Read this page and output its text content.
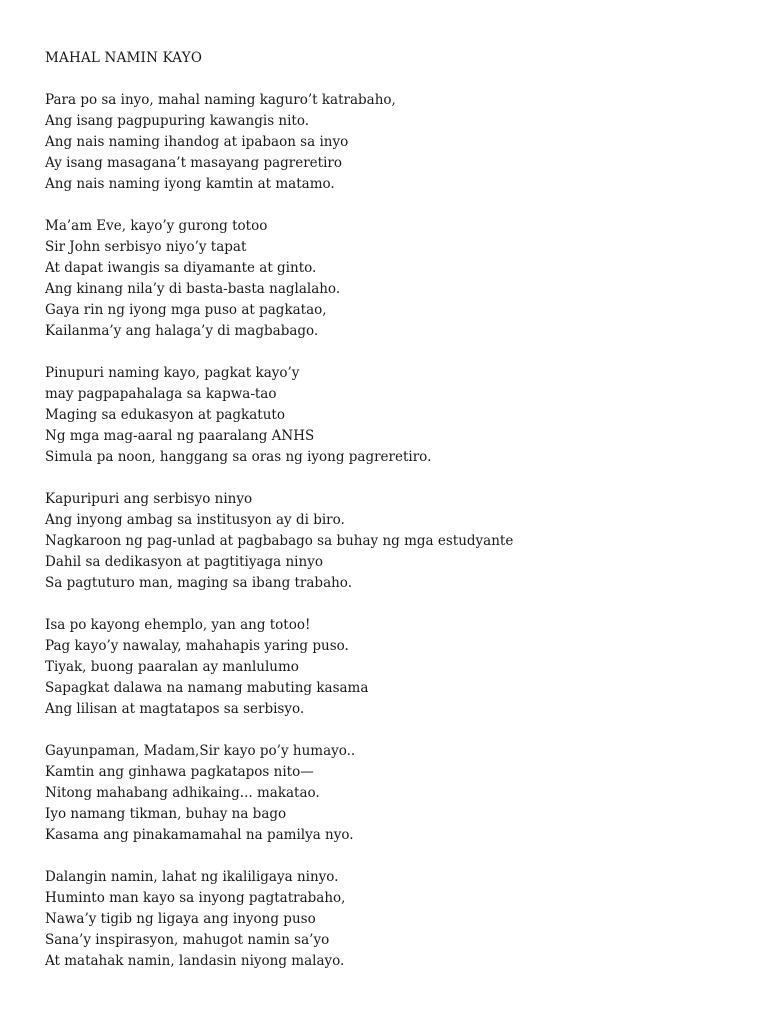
MAHAL NAMIN KAYO
Para po sa inyo, mahal naming kaguro’t katrabaho,
Ang isang pagpupuring kawangis nito.
Ang nais naming ihandog at ipabaon sa inyo
Ay isang masagana’t masayang pagreretiro
Ang nais naming iyong kamtin at matamo.
Ma’am Eve, kayo’y gurong totoo
Sir John serbisyo niyo’y tapat
At dapat iwangis sa diyamante at ginto.
Ang kinang nila’y di basta-basta naglalaho.
Gaya rin ng iyong mga puso at pagkatao,
Kailanma’y ang halaga’y di magbabago.
Pinupuri naming kayo, pagkat kayo’y
may pagpapahalaga sa kapwa-tao
Maging sa edukasyon at pagkatuto
Ng mga mag-aaral ng paaralang ANHS
Simula pa noon, hanggang sa oras ng iyong pagreretiro.
Kapuripuri ang serbisyo ninyo
Ang inyong ambag sa institusyon ay di biro.
Nagkaroon ng pag-unlad at pagbabago sa buhay ng mga estudyante
Dahil sa dedikasyon at pagtitiyaga ninyo
Sa pagtuturo man, maging sa ibang trabaho.
Isa po kayong ehemplo, yan ang totoo!
Pag kayo’y nawalay, mahahapis yaring puso.
Tiyak, buong paaralan ay manlulumo
Sapagkat dalawa na namang mabuting kasama
Ang lilisan at magtatapos sa serbisyo.
Gayunpaman, Madam,Sir kayo po’y humayo..
Kamtin ang ginhawa pagkatapos nito—
Nitong mahabang adhikaing... makatao.
Iyo namang tikman, buhay na bago
Kasama ang pinakamamahal na pamilya nyo.
Dalangin namin, lahat ng ikaliligaya ninyo.
Huminto man kayo sa inyong pagtatrabaho,
Nawa’y tigib ng ligaya ang inyong puso
Sana’y inspirasyon, mahugot namin sa’yo
At matahak namin, landasin niyong malayo.
